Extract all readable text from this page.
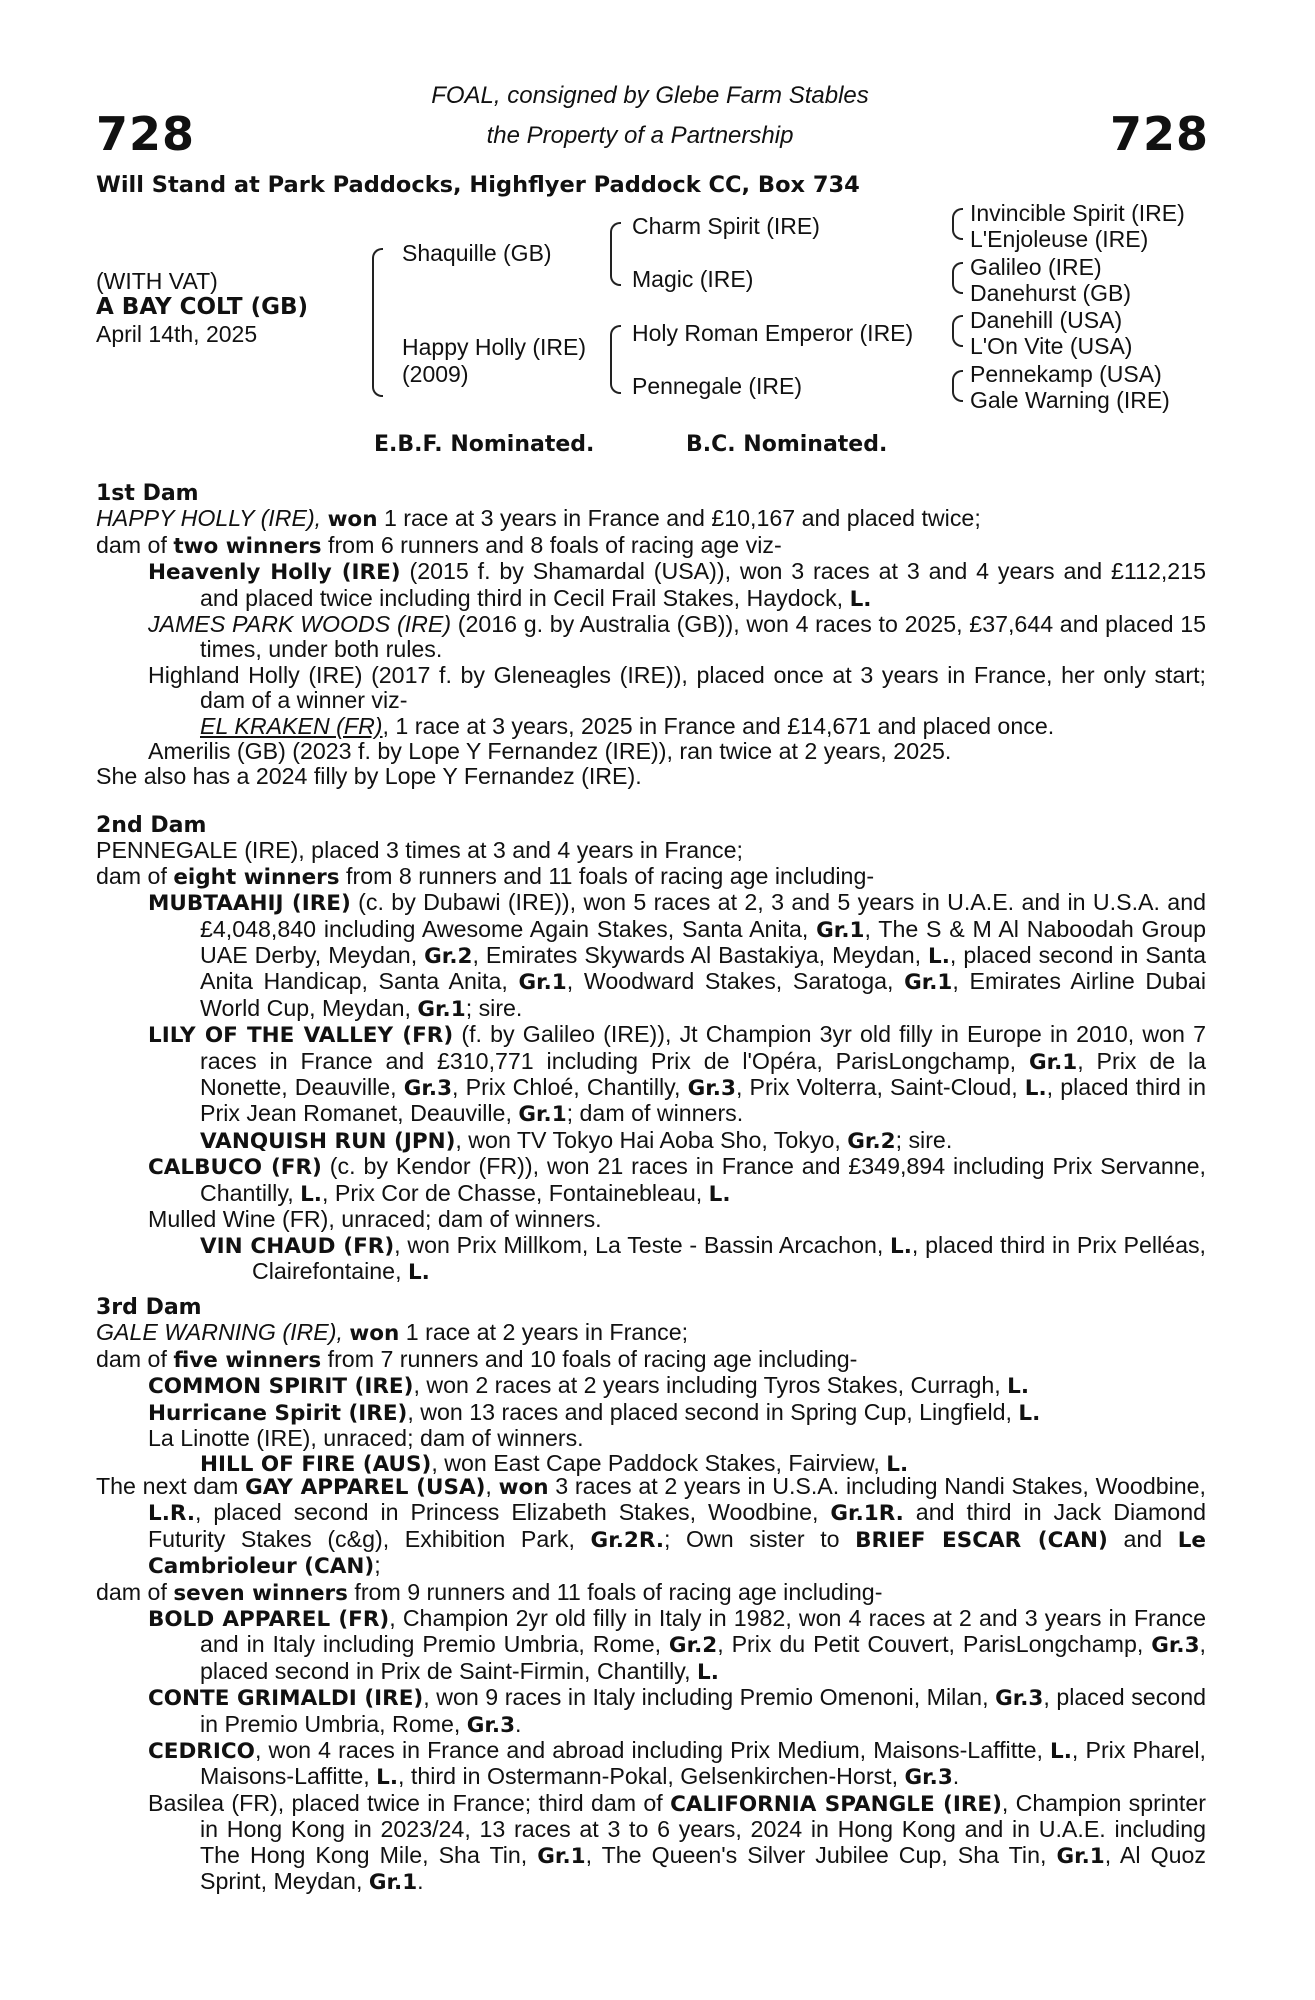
728	728
FOAL, consigned by Glebe Farm Stables
the Property of a Partnership
Will Stand at Park Paddocks, Highflyer Paddock CC, Box 734
(WITH VAT)
A BAY COLT (GB)
April 14th, 2025
Shaquille (GB)
Happy Holly (IRE)
(2009)
Charm Spirit (IRE)
Magic (IRE)
Holy Roman Emperor (IRE)
Pennegale (IRE)
Invincible Spirit (IRE)
L'Enjoleuse (IRE)
Galileo (IRE)
Danehurst (GB)
Danehill (USA)
L'On Vite (USA)
Pennekamp (USA)
Gale Warning (IRE)
E.B.F. Nominated.	B.C. Nominated.

1st Dam

HAPPY HOLLY (IRE), won 1 race at 3 years in France and £10,167 and placed twice;

dam of two winners from 6 runners and 8 foals of racing age viz-

Heavenly Holly (IRE) (2015 f. by Shamardal (USA)), won 3 races at 3 and 4 years and £112,215 and placed twice including third in Cecil Frail Stakes, Haydock, L.

JAMES PARK WOODS (IRE) (2016 g. by Australia (GB)), won 4 races to 2025, £37,644 and placed 15 times, under both rules.

Highland Holly (IRE) (2017 f. by Gleneagles (IRE)), placed once at 3 years in France, her only start; dam of a winner viz-

EL KRAKEN (FR), 1 race at 3 years, 2025 in France and £14,671 and placed once.

Amerilis (GB) (2023 f. by Lope Y Fernandez (IRE)), ran twice at 2 years, 2025.

She also has a 2024 filly by Lope Y Fernandez (IRE).

2nd Dam

PENNEGALE (IRE), placed 3 times at 3 and 4 years in France;

dam of eight winners from 8 runners and 11 foals of racing age including-

MUBTAAHIJ (IRE) (c. by Dubawi (IRE)), won 5 races at 2, 3 and 5 years in U.A.E. and in U.S.A. and £4,048,840 including Awesome Again Stakes, Santa Anita, Gr.1, The S & M Al Naboodah Group UAE Derby, Meydan, Gr.2, Emirates Skywards Al Bastakiya, Meydan, L., placed second in Santa Anita Handicap, Santa Anita, Gr.1, Woodward Stakes, Saratoga, Gr.1, Emirates Airline Dubai World Cup, Meydan, Gr.1; sire.

LILY OF THE VALLEY (FR) (f. by Galileo (IRE)), Jt Champion 3yr old filly in Europe in 2010, won 7 races in France and £310,771 including Prix de l'Opéra, ParisLongchamp, Gr.1, Prix de la Nonette, Deauville, Gr.3, Prix Chloé, Chantilly, Gr.3, Prix Volterra, Saint-Cloud, L., placed third in Prix Jean Romanet, Deauville, Gr.1; dam of winners.

VANQUISH RUN (JPN), won TV Tokyo Hai Aoba Sho, Tokyo, Gr.2; sire.

CALBUCO (FR) (c. by Kendor (FR)), won 21 races in France and £349,894 including Prix Servanne, Chantilly, L., Prix Cor de Chasse, Fontainebleau, L.

Mulled Wine (FR), unraced; dam of winners.

VIN CHAUD (FR), won Prix Millkom, La Teste - Bassin Arcachon, L., placed third in Prix Pelléas, Clairefontaine, L.

3rd Dam

GALE WARNING (IRE), won 1 race at 2 years in France;

dam of five winners from 7 runners and 10 foals of racing age including-

COMMON SPIRIT (IRE), won 2 races at 2 years including Tyros Stakes, Curragh, L.

Hurricane Spirit (IRE), won 13 races and placed second in Spring Cup, Lingfield, L.

La Linotte (IRE), unraced; dam of winners.

HILL OF FIRE (AUS), won East Cape Paddock Stakes, Fairview, L.

The next dam GAY APPAREL (USA), won 3 races at 2 years in U.S.A. including Nandi Stakes, Woodbine, L.R., placed second in Princess Elizabeth Stakes, Woodbine, Gr.1R. and third in Jack Diamond Futurity Stakes (c&g), Exhibition Park, Gr.2R.; Own sister to BRIEF ESCAR (CAN) and Le Cambrioleur (CAN);

dam of seven winners from 9 runners and 11 foals of racing age including-

BOLD APPAREL (FR), Champion 2yr old filly in Italy in 1982, won 4 races at 2 and 3 years in France and in Italy including Premio Umbria, Rome, Gr.2, Prix du Petit Couvert, ParisLongchamp, Gr.3, placed second in Prix de Saint-Firmin, Chantilly, L.

CONTE GRIMALDI (IRE), won 9 races in Italy including Premio Omenoni, Milan, Gr.3, placed second in Premio Umbria, Rome, Gr.3.

CEDRICO, won 4 races in France and abroad including Prix Medium, Maisons-Laffitte, L., Prix Pharel, Maisons-Laffitte, L., third in Ostermann-Pokal, Gelsenkirchen-Horst, Gr.3.

Basilea (FR), placed twice in France; third dam of CALIFORNIA SPANGLE (IRE), Champion sprinter in Hong Kong in 2023/24, 13 races at 3 to 6 years, 2024 in Hong Kong and in U.A.E. including The Hong Kong Mile, Sha Tin, Gr.1, The Queen's Silver Jubilee Cup, Sha Tin, Gr.1, Al Quoz Sprint, Meydan, Gr.1.
